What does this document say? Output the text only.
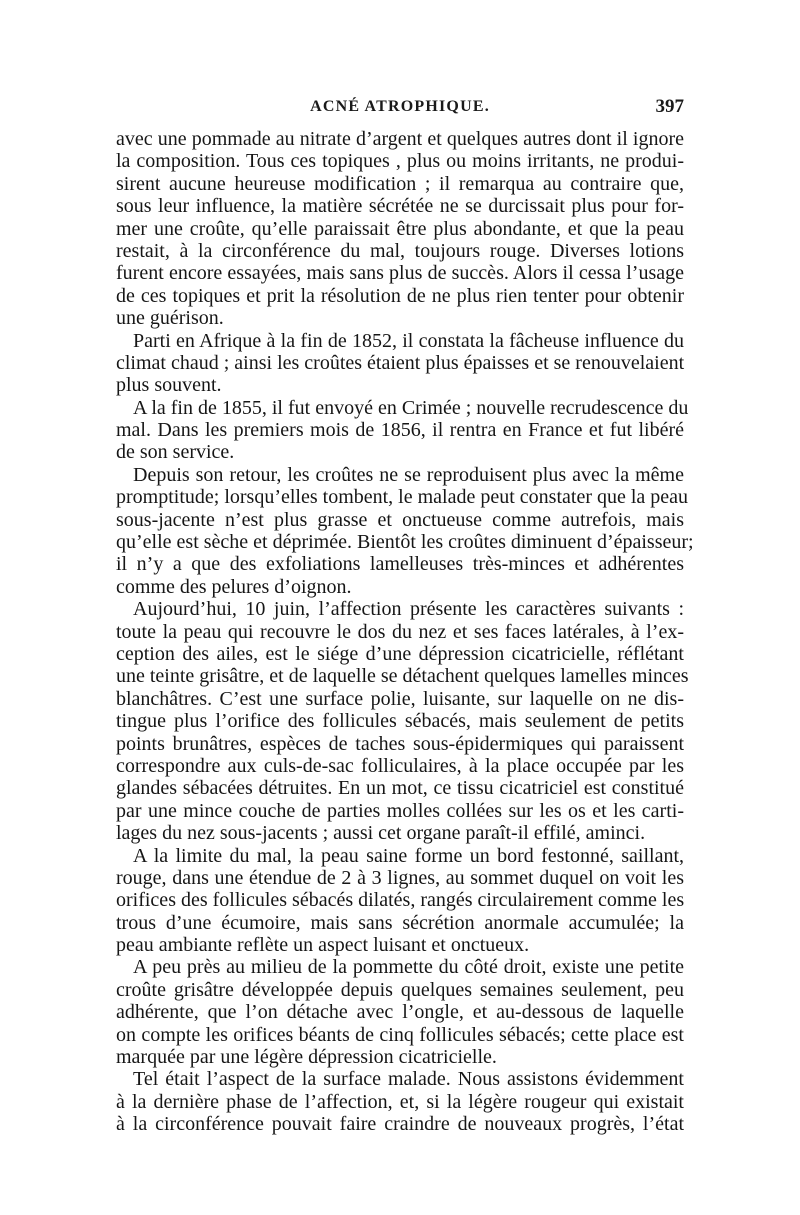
ACNÉ ATROPHIQUE.	397
avec une pommade au nitrate d’argent et quelques autres dont il ignore
la composition. Tous ces topiques , plus ou moins irritants, ne produi-
sirent aucune heureuse modification ; il remarqua au contraire que,
sous leur influence, la matière sécrétée ne se durcissait plus pour for-
mer une croûte, qu’elle paraissait être plus abondante, et que la peau
restait, à la circonférence du mal, toujours rouge. Diverses lotions
furent encore essayées, mais sans plus de succès. Alors il cessa l’usage
de ces topiques et prit la résolution de ne plus rien tenter pour obtenir
une guérison.
Parti en Afrique à la fin de 1852, il constata la fâcheuse influence du
climat chaud ; ainsi les croûtes étaient plus épaisses et se renouvelaient
plus souvent.
A la fin de 1855, il fut envoyé en Crimée ; nouvelle recrudescence du
mal. Dans les premiers mois de 1856, il rentra en France et fut libéré
de son service.
Depuis son retour, les croûtes ne se reproduisent plus avec la même
promptitude; lorsqu’elles tombent, le malade peut constater que la peau
sous-jacente n’est plus grasse et onctueuse comme autrefois, mais
qu’elle est sèche et déprimée. Bientôt les croûtes diminuent d’épaisseur;
il n’y a que des exfoliations lamelleuses très-minces et adhérentes
comme des pelures d’oignon.
Aujourd’hui, 10 juin, l’affection présente les caractères suivants :
toute la peau qui recouvre le dos du nez et ses faces latérales, à l’ex-
ception des ailes, est le siége d’une dépression cicatricielle, réflétant
une teinte grisâtre, et de laquelle se détachent quelques lamelles minces
blanchâtres. C’est une surface polie, luisante, sur laquelle on ne dis-
tingue plus l’orifice des follicules sébacés, mais seulement de petits
points brunâtres, espèces de taches sous-épidermiques qui paraissent
correspondre aux culs-de-sac folliculaires, à la place occupée par les
glandes sébacées détruites. En un mot, ce tissu cicatriciel est constitué
par une mince couche de parties molles collées sur les os et les carti-
lages du nez sous-jacents ; aussi cet organe paraît-il effilé, aminci.
A la limite du mal, la peau saine forme un bord festonné, saillant,
rouge, dans une étendue de 2 à 3 lignes, au sommet duquel on voit les
orifices des follicules sébacés dilatés, rangés circulairement comme les
trous d’une écumoire, mais sans sécrétion anormale accumulée; la
peau ambiante reflète un aspect luisant et onctueux.
A peu près au milieu de la pommette du côté droit, existe une petite
croûte grisâtre développée depuis quelques semaines seulement, peu
adhérente, que l’on détache avec l’ongle, et au-dessous de laquelle
on compte les orifices béants de cinq follicules sébacés; cette place est
marquée par une légère dépression cicatricielle.
Tel était l’aspect de la surface malade. Nous assistons évidemment
à la dernière phase de l’affection, et, si la légère rougeur qui existait
à la circonférence pouvait faire craindre de nouveaux progrès, l’état
